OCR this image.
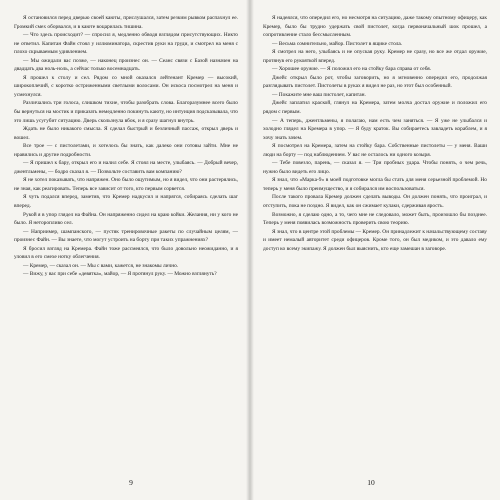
Я остановился перед дверью своей каюты, прислушался, затем резким рывком распахнул ее. Громкий смех оборвался, и в каюте воцарилась тишина.

— Что здесь происходит? — спросил я, медленно обводя взглядом присутствующих. Никто не ответил. Капитан Файн стоял у иллюминатора, скрестив руки на груди, и смотрел на меня с плохо скрываемым удивлением.

— Мы ожидали вас позже, — наконец произнес он. — Сеанс связи с Базой назначен на двадцать два ноль-ноль, а сейчас только восемнадцать.

Я прошел к столу и сел. Рядом со мной оказался лейтенант Кремер — высокий, широкоплечий, с коротко остриженными светлыми волосами. Он искоса посмотрел на меня и усмехнулся.

Различались три голоса, слишком тихие, чтобы разобрать слова. Благоразумнее всего было бы вернуться на мостик и приказать немедленно покинуть каюту, но интуиция подсказывала, что это лишь усугубит ситуацию. Дверь скользнула вбок, и я сразу шагнул внутрь.

Ждать не было никакого смысла. Я сделал быстрый и безличный пассаж, открыл дверь и вошел.

Все трое — с пистолетами, и хотелось бы знать, как далеко они готовы зайти. Мне не нравились и другие подробности.

— Я пришел к бару, открыл его и налил себе. Я стоял на месте, улыбаясь. — Добрый вечер, джентльмены, — бодро сказал я. — Позвольте составить вам компанию?

Я не хотел показывать, что напряжен. Оно было ощутимым, но я видел, что они растерялись, не зная, как реагировать. Теперь все зависит от того, кто первым сорвется.

Я чуть подался вперед, заметив, что Кремер надкусил и напрягся, собираясь сделать шаг вперед.

Рукой я в упор глядел на Файна. Он напряженно сидел на краю койки. Желания, ни у кого не было. Я неторопливо сел.

— Наприимер, шампанского, — пустяк тренировочные ракеты по случайным целям, — произнес Файн. — Вы знаете, что могут устроить на борту при таких упражнениях?

Я бросил взгляд на Кремера. Файн тоже рассмеялся, что было довольно неожиданно, и я уловил в его смехе нотку облегчения.

— Кремер, — сказал он. — Мы с вами, кажется, не знакомы лично.

— Вижу, у вас при себе «девятка», майор, — Я протянул руку. — Можно взглянуть?

9

Я надеялся, что опередил его, но несмотря на ситуацию, даже такому опытному офицеру, как Кремер, было бы трудно удержать свой пистолет, когда первоначальный шок прошел, а сопротивление стало бессмысленным.

— Весьма сомнительно, майор. Пистолет в ящике стола.

Я смотрел на него, улыбаясь и не опуская руку. Кремер не сразу, но все же отдал оружие, протянув его рукояткой вперед.

— Хорошее оружие. — Я положил его на стойку бара справа от себя.

Джейс открыл было рот, чтобы заговорить, но я мгновенно опередил его, продолжая разглядывать пистолет. Пистолеты в руках я видел не раз, но этот был особенный.

— Покажите мне ваш пистолет, капитан.

Джейс заплатил краской, глянул на Кремера, затем молча достал оружие и положил его рядом с первым.

— А теперь, джентльмены, я полагаю, нам есть чем заняться. — Я уже не улыбался и холодно глядел на Кремера в упор. — Я буду краток. Вы собираетесь завладеть кораблем, и я хочу знать зачем.

Я посмотрел на Кремера, затем на стойку бара. Собственные пистолеты — у меня. Ваши люди на борту — под наблюдением. У вас не осталось ни одного козыря.

— Тебе повезло, парень, — сказал я. — Три пробных удара. Чтобы понять, о чем речь, нужно было видеть его лицо.

Я знал, что «Марка-9» в моей подготовке могла бы стать для меня серьезной проблемой. Но теперь у меня было преимущество, и я собирался им воспользоваться.

После такого провала Кремер должен сделать выводы. Он должен понять, что проиграл, и отступить, пока не поздно. Я видел, как он сжимает кулаки, сдерживая ярость.

Возможно, я сделаю одно, а то, чего мне не следовало, может быть, произошло бы позднее. Теперь у меня появилась возможность проверить свою теорию.

Я знал, что в центре этой проблемы — Кремер. Он принадлежит к начальствующему составу и имеет немалый авторитет среди офицеров. Кроме того, он был медиком, и это давало ему доступ ко всему экипажу. Я должен был выяснить, кто еще замешан в заговоре.

10
